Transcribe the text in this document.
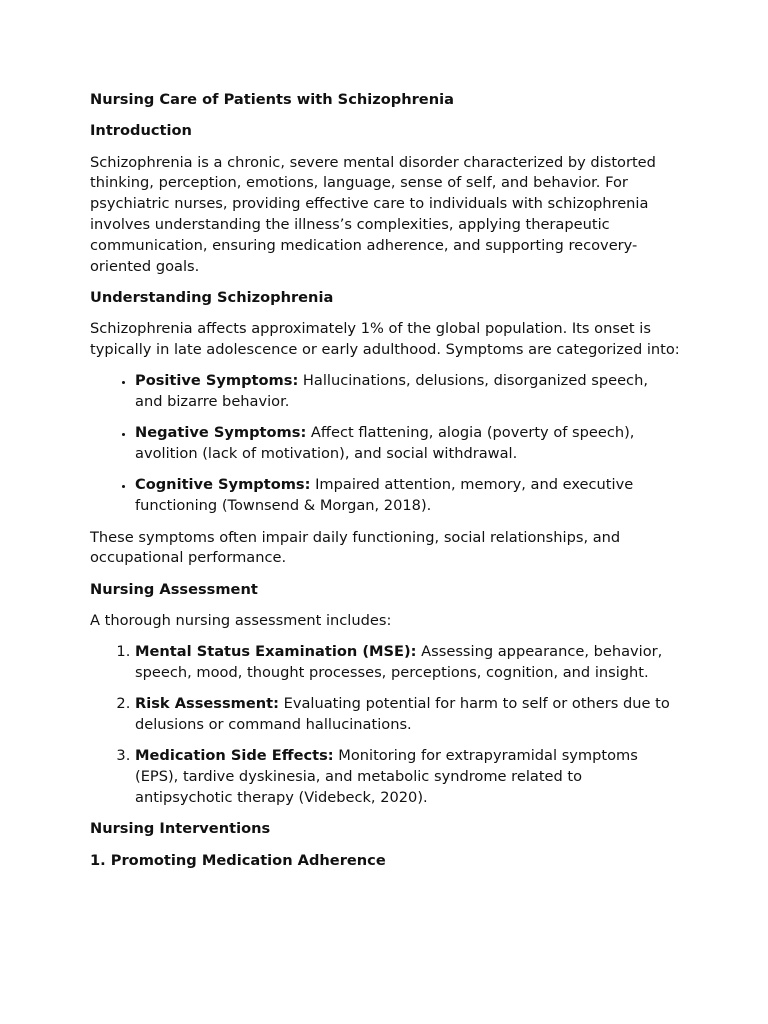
Nursing Care of Patients with Schizophrenia
Introduction

Schizophrenia is a chronic, severe mental disorder characterized by distorted thinking, perception, emotions, language, sense of self, and behavior. For psychiatric nurses, providing effective care to individuals with schizophrenia involves understanding the illness’s complexities, applying therapeutic communication, ensuring medication adherence, and supporting recovery-oriented goals.

Understanding Schizophrenia

Schizophrenia affects approximately 1% of the global population. Its onset is typically in late adolescence or early adulthood. Symptoms are categorized into:

• Positive Symptoms: Hallucinations, delusions, disorganized speech, and bizarre behavior.
• Negative Symptoms: Affect flattening, alogia (poverty of speech), avolition (lack of motivation), and social withdrawal.
• Cognitive Symptoms: Impaired attention, memory, and executive functioning (Townsend & Morgan, 2018).

These symptoms often impair daily functioning, social relationships, and occupational performance.

Nursing Assessment

A thorough nursing assessment includes:

1. Mental Status Examination (MSE): Assessing appearance, behavior, speech, mood, thought processes, perceptions, cognition, and insight.
2. Risk Assessment: Evaluating potential for harm to self or others due to delusions or command hallucinations.
3. Medication Side Effects: Monitoring for extrapyramidal symptoms (EPS), tardive dyskinesia, and metabolic syndrome related to antipsychotic therapy (Videbeck, 2020).
Nursing Interventions
1. Promoting Medication Adherence
